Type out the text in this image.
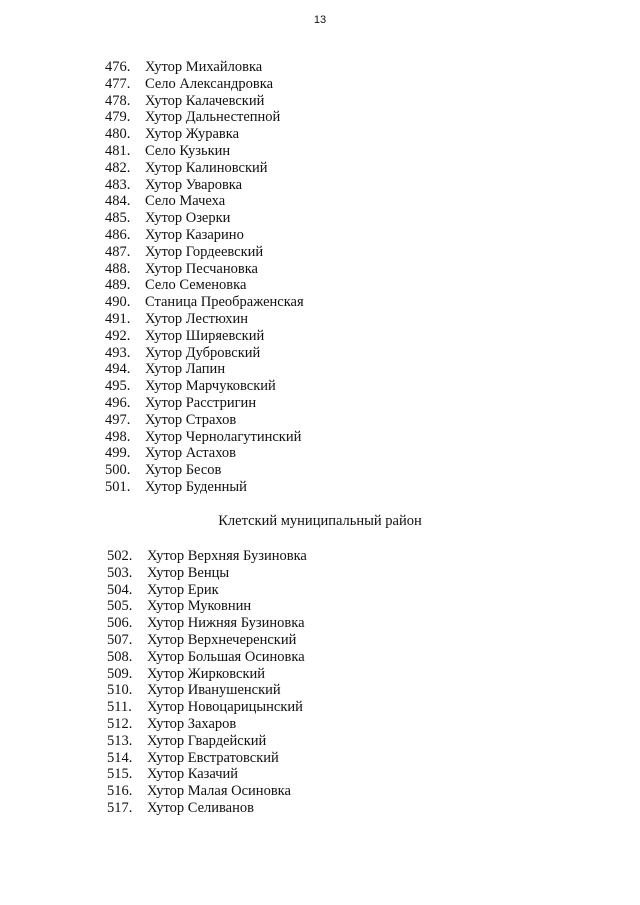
13
476. Хутор Михайловка
477. Село Александровка
478. Хутор Калачевский
479. Хутор Дальнестепной
480. Хутор Журавка
481. Село Кузькин
482. Хутор Калиновский
483. Хутор Уваровка
484. Село Мачеха
485. Хутор Озерки
486. Хутор Казарино
487. Хутор Гордеевский
488. Хутор Песчановка
489. Село Семеновка
490. Станица Преображенская
491. Хутор Лестюхин
492. Хутор Ширяевский
493. Хутор Дубровский
494. Хутор Лапин
495. Хутор Марчуковский
496. Хутор Расстригин
497. Хутор Страхов
498. Хутор Чернолагутинский
499. Хутор Астахов
500. Хутор Бесов
501. Хутор Буденный
Клетский муниципальный район
502. Хутор Верхняя Бузиновка
503. Хутор Венцы
504. Хутор Ерик
505. Хутор Муковнин
506. Хутор Нижняя Бузиновка
507. Хутор Верхнечеренский
508. Хутор Большая Осиновка
509. Хутор Жирковский
510. Хутор Иванушенский
511. Хутор Новоцарицынский
512. Хутор Захаров
513. Хутор Гвардейский
514. Хутор Евстратовский
515. Хутор Казачий
516. Хутор Малая Осиновка
517. Хутор Селиванов
